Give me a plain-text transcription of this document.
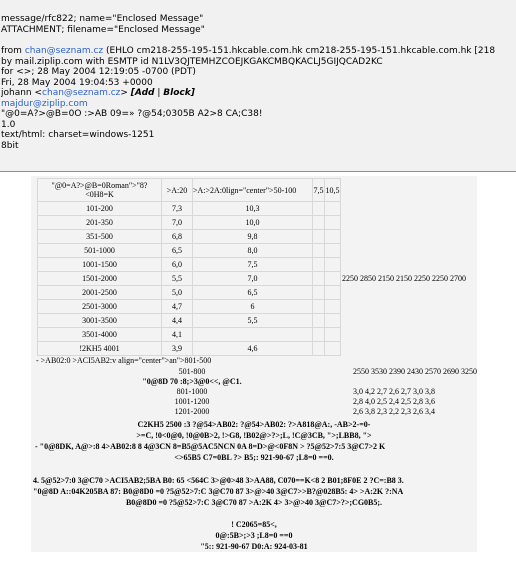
message/rfc822; name="Enclosed Message"
ATTACHMENT; filename="Enclosed Message"
from chan@seznam.cz (EHLO cm218-255-195-151.hkcable.com.hk cm218-255-195-151.hkcable.com.hk [218
by mail.ziplip.com with ESMTP id N1LV3QJTEMHZCOEJKGAKCMBQKACLJ5GIJQCAD2KC
for <>; 28 May 2004 12:19:05 -0700 (PDT)
Fri, 28 May 2004 19:04:53 +0000
johann <chan@seznam.cz> [Add | Block]
majdur@ziplip.com
"@0=A?>@B=0O :>AB 09=» ?@54;0305B A2>8 CA;C38!
1.0
text/html: charset=windows-1251
8bit
"@0=A?>@B=0Roman">"8?<0H8=K	>A:20	>A:>2A:0lign="center">50-100	7,5	10,5	
101-200	7,3	10,3			
201-350	7,0	10,0			
351-500	6,8	9,8			
501-1000	6,5	8,0			
1001-1500	6,0	7,5			
1501-2000	5,5	7,0			2250 2850 2150 2150 2250 2250 2700
2001-2500	5,0	6,5			
2501-3000	4,7	6			
3001-3500	4,4	5,5			
3501-4000	4,1				
!2KH5 4001	3,9	4,6			
- >AB02:0 >ACI5AB2:v align="center">an">801-500
501-800	2550 3530 2390 2430 2570 2690 3250
"0@8D 70 :8;>3@0<<, @C1.	
801-1000	3,0 4,2 2,7 2,6 2,7 3,0 3,8
1001-1200	2,8 4,0 2,5 2,4 2,5 2,8 3,6
1201-2000	2,6 3,8 2,3 2,2 2,3 2,6 3,4
C2KH5 2500 :3 ?@54>AB02: ?@54>AB02: ?>A818@A:, -AB>2-=0-
>=C, !0<0@0, !0@0B>2, !>G8, !B02@>?>;L, !C@3CB, ">;LBB8, ">
- "0@8DK, A@>:8 4>AB02:8 8 4@3CN 8=B5@5AC5NCN 0A 8=D>@<0F8N > ?5@52>7:5 3@C7>2 K
<>65B5 C7=0BL ?> B5;: 921-90-67 ;L8=0 ==0.
4. 5@52>7:0 3@C70 >ACI5AB2;5BA B0: 65 <564C 3>@0>48 3>AA88, C070==K<8 2 B01;8F0E 2 ?C=:B8 3.
"0@8D A::04K205BA 87: B0@8D0 =0 ?5@52>7:C 3@C70 87 3>@>40 3@C7>>B?@028B5: 4> >A:2K ?:NA
B0@8D0 =0 ?5@52>7:C 3@C70 87 >A:2K 4> 3>@>40 3@C7>?>;CG0B5;.
! C2065=85<,
0@:5B>;>3 ;L8=0 ==0
"5:: 921-90-67 D0:A: 924-03-81
